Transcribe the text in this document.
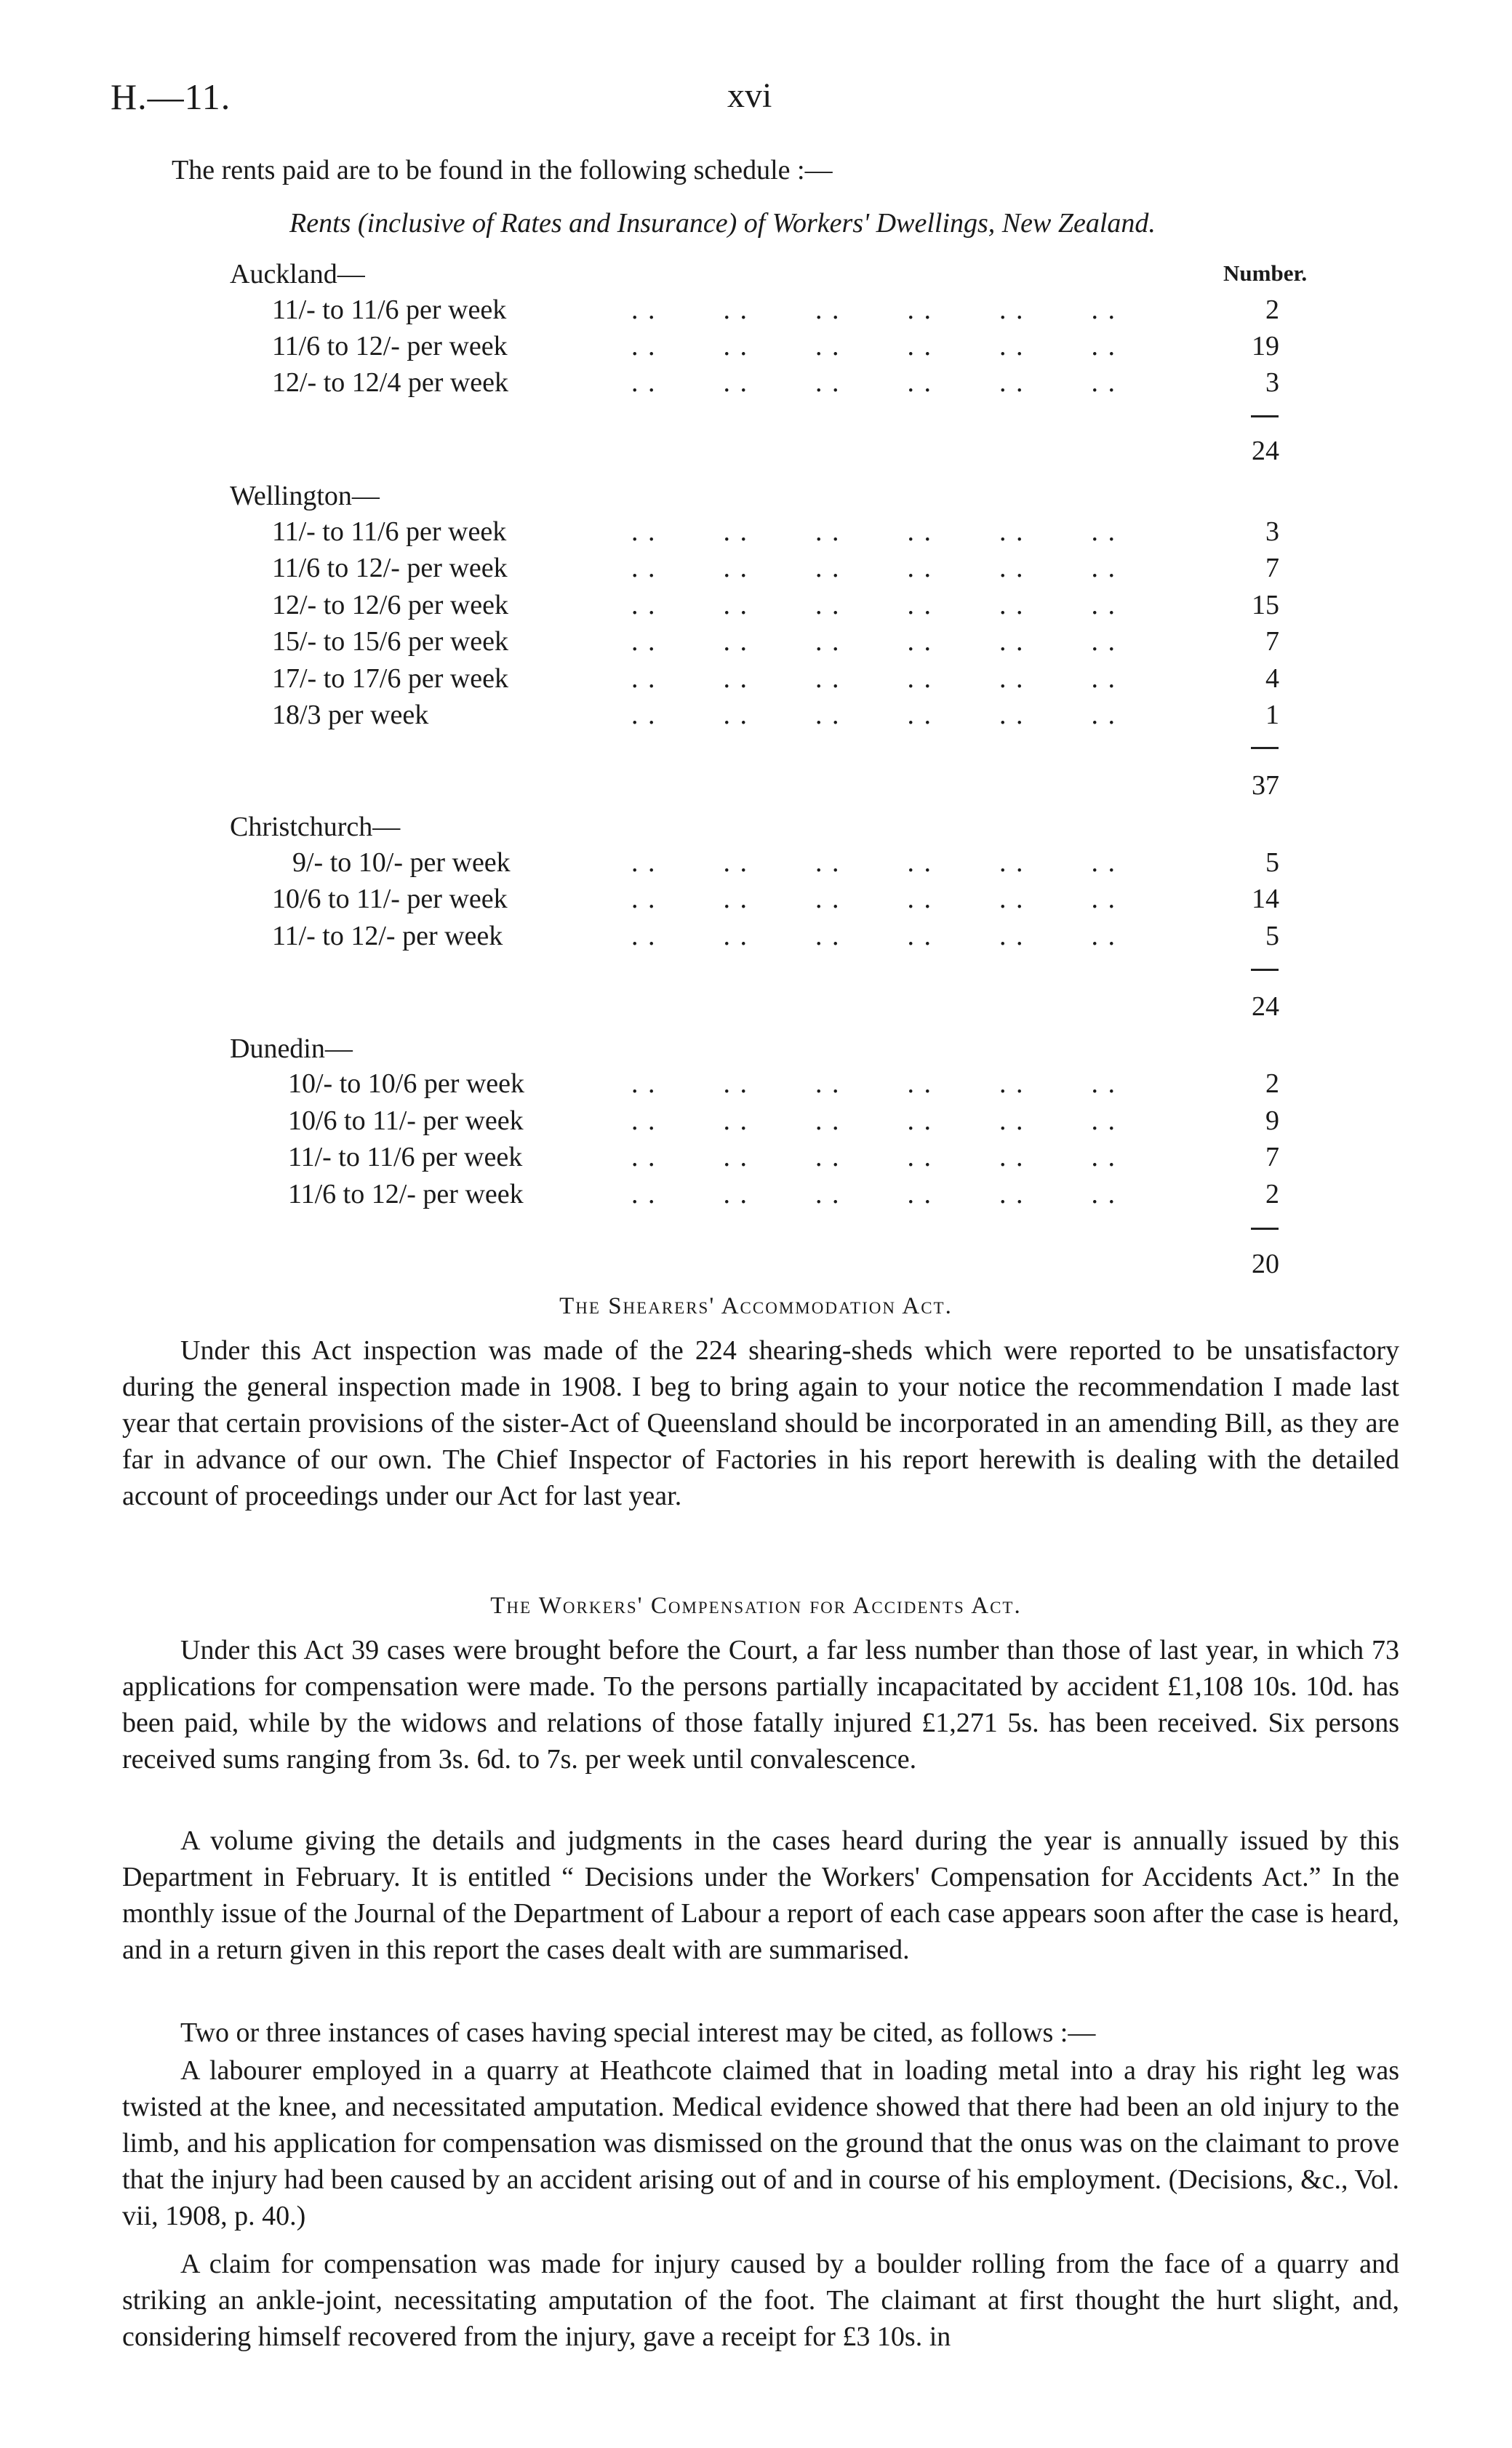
H.—11.	xvi
The rents paid are to be found in the following schedule :—
Rents (inclusive of Rates and Insurance) of Workers' Dwellings, New Zealand.
Number.
Auckland—
11/- to 11/6 per week	. .        . .        . .        . .        . .        . .	2
11/6 to 12/- per week	. .        . .        . .        . .        . .        . .	19
12/- to 12/4 per week	. .        . .        . .        . .        . .        . .	3
24
Wellington—
11/- to 11/6 per week	. .        . .        . .        . .        . .        . .	3
11/6 to 12/- per week	. .        . .        . .        . .        . .        . .	7
12/- to 12/6 per week	. .        . .        . .        . .        . .        . .	15
15/- to 15/6 per week	. .        . .        . .        . .        . .        . .	7
17/- to 17/6 per week	. .        . .        . .        . .        . .        . .	4
18/3 per week	. .        . .        . .        . .        . .        . .	1
37
Christchurch—
9/- to 10/- per week	. .        . .        . .        . .        . .        . .	5
10/6 to 11/- per week	. .        . .        . .        . .        . .        . .	14
11/- to 12/- per week	. .        . .        . .        . .        . .        . .	5
24
Dunedin—
10/- to 10/6 per week	. .        . .        . .        . .        . .        . .	2
10/6 to 11/- per week	. .        . .        . .        . .        . .        . .	9
11/- to 11/6 per week	. .        . .        . .        . .        . .        . .	7
11/6 to 12/- per week	. .        . .        . .        . .        . .        . .	2
20
The Shearers' Accommodation Act.
Under this Act inspection was made of the 224 shearing-sheds which were reported to be unsatisfactory during the general inspection made in 1908. I beg to bring again to your notice the recommendation I made last year that certain provisions of the sister-Act of Queensland should be incorporated in an amending Bill, as they are far in advance of our own. The Chief Inspector of Factories in his report herewith is dealing with the detailed account of proceedings under our Act for last year.
The Workers' Compensation for Accidents Act.
Under this Act 39 cases were brought before the Court, a far less number than those of last year, in which 73 applications for compensation were made. To the persons partially incapacitated by accident £1,108 10s. 10d. has been paid, while by the widows and relations of those fatally injured £1,271 5s. has been received. Six persons received sums ranging from 3s. 6d. to 7s. per week until convalescence.
A volume giving the details and judgments in the cases heard during the year is annually issued by this Department in February. It is entitled “ Decisions under the Workers' Compensation for Accidents Act.” In the monthly issue of the Journal of the Department of Labour a report of each case appears soon after the case is heard, and in a return given in this report the cases dealt with are summarised.
Two or three instances of cases having special interest may be cited, as follows :—
A labourer employed in a quarry at Heathcote claimed that in loading metal into a dray his right leg was twisted at the knee, and necessitated amputation. Medical evidence showed that there had been an old injury to the limb, and his application for compensation was dismissed on the ground that the onus was on the claimant to prove that the injury had been caused by an accident arising out of and in course of his employment. (Decisions, &c., Vol. vii, 1908, p. 40.)
A claim for compensation was made for injury caused by a boulder rolling from the face of a quarry and striking an ankle-joint, necessitating amputation of the foot. The claimant at first thought the hurt slight, and, considering himself recovered from the injury, gave a receipt for £3 10s. in
